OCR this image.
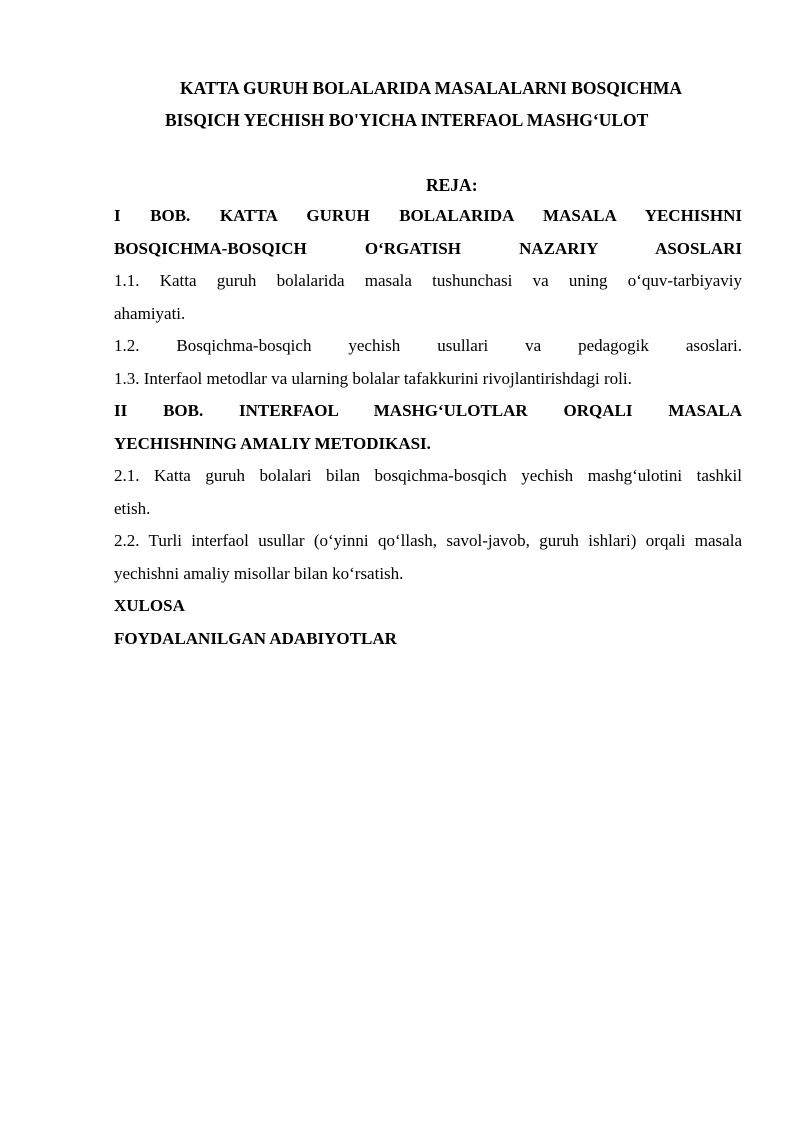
KATTA GURUH BOLALARIDA MASALALARNI BOSQICHMA
BISQICH YECHISH BO'YICHA INTERFAOL MASHG‘ULOT
REJA:
I BOB. KATTA GURUH BOLALARIDA MASALA YECHISHNI
BOSQICHMA-BOSQICH O‘RGATISH NAZARIY ASOSLARI
1.1. Katta guruh bolalarida masala tushunchasi va uning o‘quv-tarbiyaviy
ahamiyati.
1.2. Bosqichma-bosqich yechish usullari va pedagogik asoslari.
1.3. Interfaol metodlar va ularning bolalar tafakkurini rivojlantirishdagi roli.
II BOB. INTERFAOL MASHG‘ULOTLAR ORQALI MASALA
YECHISHNING AMALIY METODIKASI.
2.1. Katta guruh bolalari bilan bosqichma-bosqich yechish mashg‘ulotini tashkil
etish.
2.2. Turli interfaol usullar (o‘yinni qo‘llash, savol-javob, guruh ishlari) orqali masala
yechishni amaliy misollar bilan ko‘rsatish.
XULOSA
FOYDALANILGAN ADABIYOTLAR
